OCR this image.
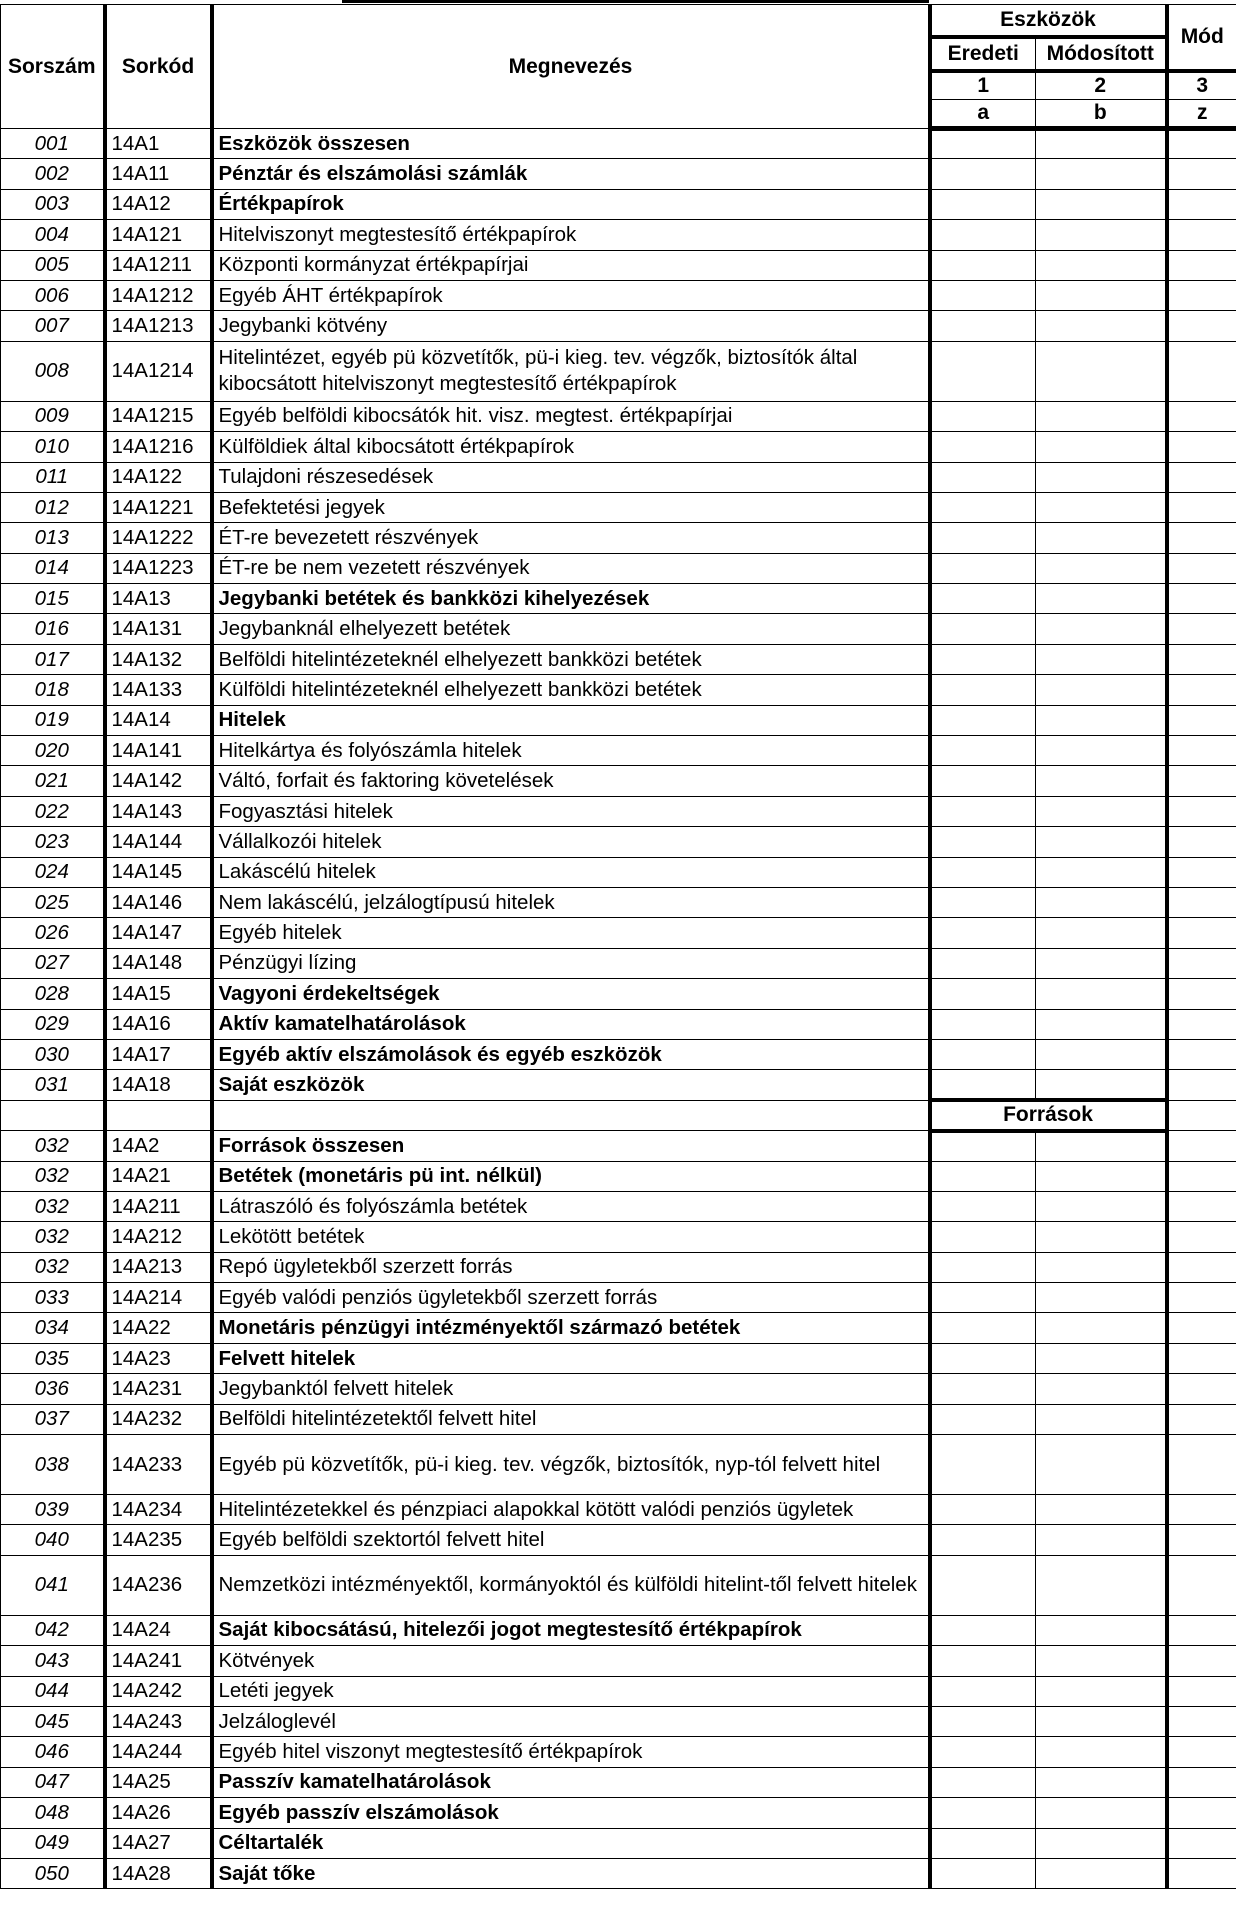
Sorszám	Sorkód	Megnevezés	Eszközök		Mód
			Eredeti	Módosított	
			1	2	3
			a	b	z
001	14A1	Eszközök összesen			
002	14A11	Pénztár és elszámolási számlák			
003	14A12	Értékpapírok			
004	14A121	Hitelviszonyt megtestesítő értékpapírok			
005	14A1211	Központi kormányzat értékpapírjai			
006	14A1212	Egyéb ÁHT értékpapírok			
007	14A1213	Jegybanki kötvény			
008	14A1214	Hitelintézet, egyéb pü közvetítők, pü-i kieg. tev. végzők, biztosítók által kibocsátott hitelviszonyt megtestesítő értékpapírok			
009	14A1215	Egyéb belföldi kibocsátók hit. visz. megtest. értékpapírjai			
010	14A1216	Külföldiek által kibocsátott értékpapírok			
011	14A122	Tulajdoni részesedések			
012	14A1221	Befektetési jegyek			
013	14A1222	ÉT-re bevezetett részvények			
014	14A1223	ÉT-re be nem vezetett részvények			
015	14A13	Jegybanki betétek és bankközi kihelyezések			
016	14A131	Jegybanknál elhelyezett betétek			
017	14A132	Belföldi hitelintézeteknél elhelyezett bankközi betétek			
018	14A133	Külföldi hitelintézeteknél elhelyezett bankközi betétek			
019	14A14	Hitelek			
020	14A141	Hitelkártya és folyószámla hitelek			
021	14A142	Váltó, forfait és faktoring követelések			
022	14A143	Fogyasztási hitelek			
023	14A144	Vállalkozói hitelek			
024	14A145	Lakáscélú hitelek			
025	14A146	Nem lakáscélú, jelzálogtípusú hitelek			
026	14A147	Egyéb hitelek			
027	14A148	Pénzügyi lízing			
028	14A15	Vagyoni érdekeltségek			
029	14A16	Aktív kamatelhatárolások			
030	14A17	Egyéb aktív elszámolások és egyéb eszközök			
031	14A18	Saját eszközök			
			Források		
032	14A2	Források összesen			
032	14A21	Betétek (monetáris pü int. nélkül)			
032	14A211	Látraszóló és folyószámla betétek			
032	14A212	Lekötött betétek			
032	14A213	Repó ügyletekből szerzett forrás			
033	14A214	Egyéb valódi penziós ügyletekből szerzett forrás			
034	14A22	Monetáris pénzügyi intézményektől származó betétek			
035	14A23	Felvett hitelek			
036	14A231	Jegybanktól felvett hitelek			
037	14A232	Belföldi hitelintézetektől felvett hitel			
038	14A233	Egyéb pü közvetítők, pü-i kieg. tev. végzők, biztosítók, nyp-tól felvett hitel			
039	14A234	Hitelintézetekkel és pénzpiaci alapokkal kötött valódi penziós ügyletek			
040	14A235	Egyéb belföldi szektortól felvett hitel			
041	14A236	Nemzetközi intézményektől, kormányoktól és külföldi hitelint-től felvett hitelek			
042	14A24	Saját kibocsátású, hitelezői jogot megtestesítő értékpapírok			
043	14A241	Kötvények			
044	14A242	Letéti jegyek			
045	14A243	Jelzáloglevél			
046	14A244	Egyéb hitel viszonyt megtestesítő értékpapírok			
047	14A25	Passzív kamatelhatárolások			
048	14A26	Egyéb passzív elszámolások			
049	14A27	Céltartalék			
050	14A28	Saját tőke			
